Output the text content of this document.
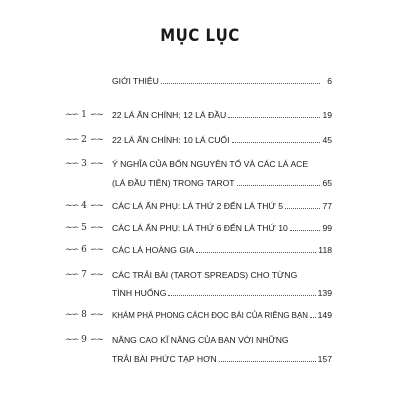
MỤC LỤC
GIỚI THIỆU	6
~∽ 1 ∽~ 22 LÁ ẨN CHÍNH: 12 LÁ ĐẦU	19
~∽ 2 ∽~ 22 LÁ ẨN CHÍNH: 10 LÁ CUỐI	45
~∽ 3 ∽~ Ý NGHĨA CỦA BỐN NGUYÊN TỐ VÀ CÁC LÁ ACE
(LÁ ĐẦU TIÊN) TRONG TAROT	65
~∽ 4 ∽~ CÁC LÁ ẨN PHỤ: LÁ THỨ 2 ĐẾN LÁ THỨ 5	77
~∽ 5 ∽~ CÁC LÁ ẨN PHỤ: LÁ THỨ 6 ĐẾN LÁ THỨ 10	99
~∽ 6 ∽~ CÁC LÁ HOÀNG GIA	118
~∽ 7 ∽~ CÁC TRẢI BÀI (TAROT SPREADS) CHO TỪNG
TÌNH HUỐNG	139
~∽ 8 ∽~ KHÁM PHÁ PHONG CÁCH ĐỌC BÀI CỦA RIÊNG BẠN 149
~∽ 9 ∽~ NÂNG CAO KĨ NĂNG CỦA BẠN VỚI NHỮNG
TRẢI BÀI PHỨC TẠP HƠN	157
